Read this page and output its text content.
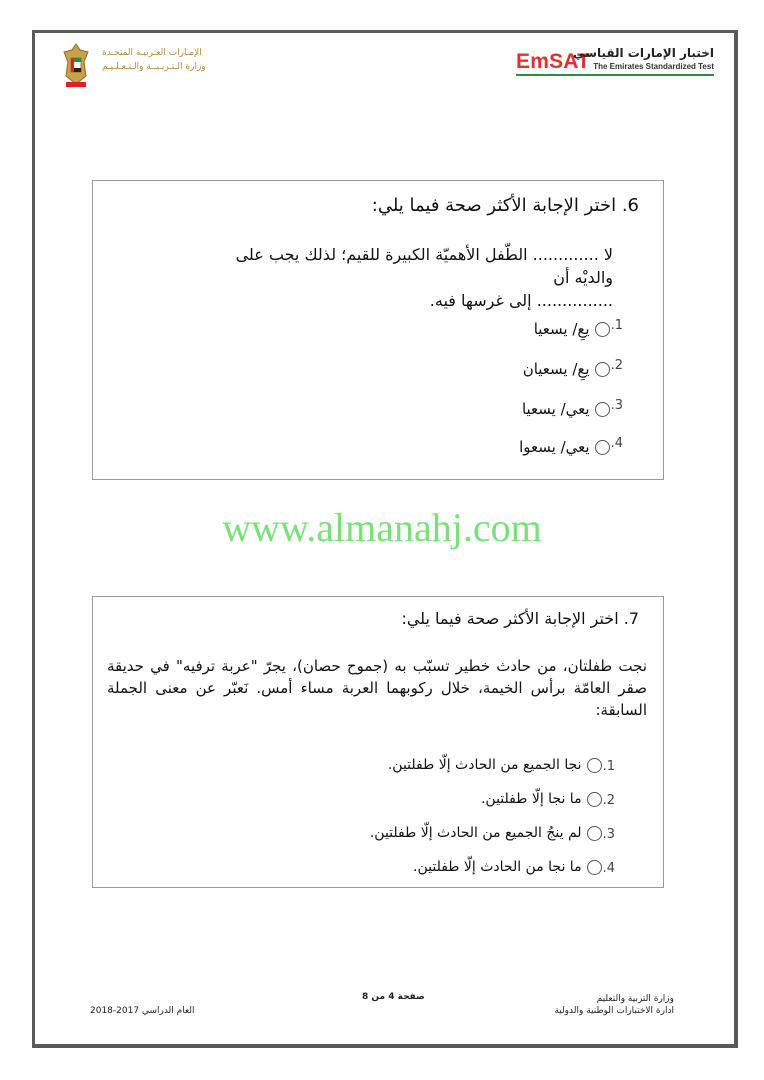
الإمـارات العـربيـة المتحـدة
وزارة الـتـربـيــة والـتـعـلـيـم	EmSAT
اختبار الإمارات القياسي
The Emirates Standardized Test
6. اختر الإجابة الأكثر صحة فيما يلي:
لا ............. الطّفل الأهميّة الكبيرة للقيم؛ لذلك يجب على والديْه أن
............... إلى غرسها فيه.
1.
يعِ/ يسعيا
2.
يعِ/ يسعيان
3.
يعي/ يسعيا
4.
يعي/ يسعوا
www.almanahj.com
7. اختر الإجابة الأكثر صحة فيما يلي:
نجت طفلتان، من حادث خطير تسبّب به (جموح حصان)، يجرّ "عربة ترفيه" في حديقة صقر العامّة برأس الخيمة، خلال ركوبهما العربة مساء أمس. نَعبّر عن معنى الجملة السابقة:
1.
نجا الجميع من الحادث إلّا طفلتين.
2.
ما نجا إلّا طفلتين.
3.
لم ينجُ الجميع من الحادث إلّا طفلتين.
4.
ما نجا من الحادث إلّا طفلتين.
وزارة التربية والتعليم
ادارة الاختبارات الوطنية والدولية
صفحة 4 من 8
العام الدراسي 2017-2018
